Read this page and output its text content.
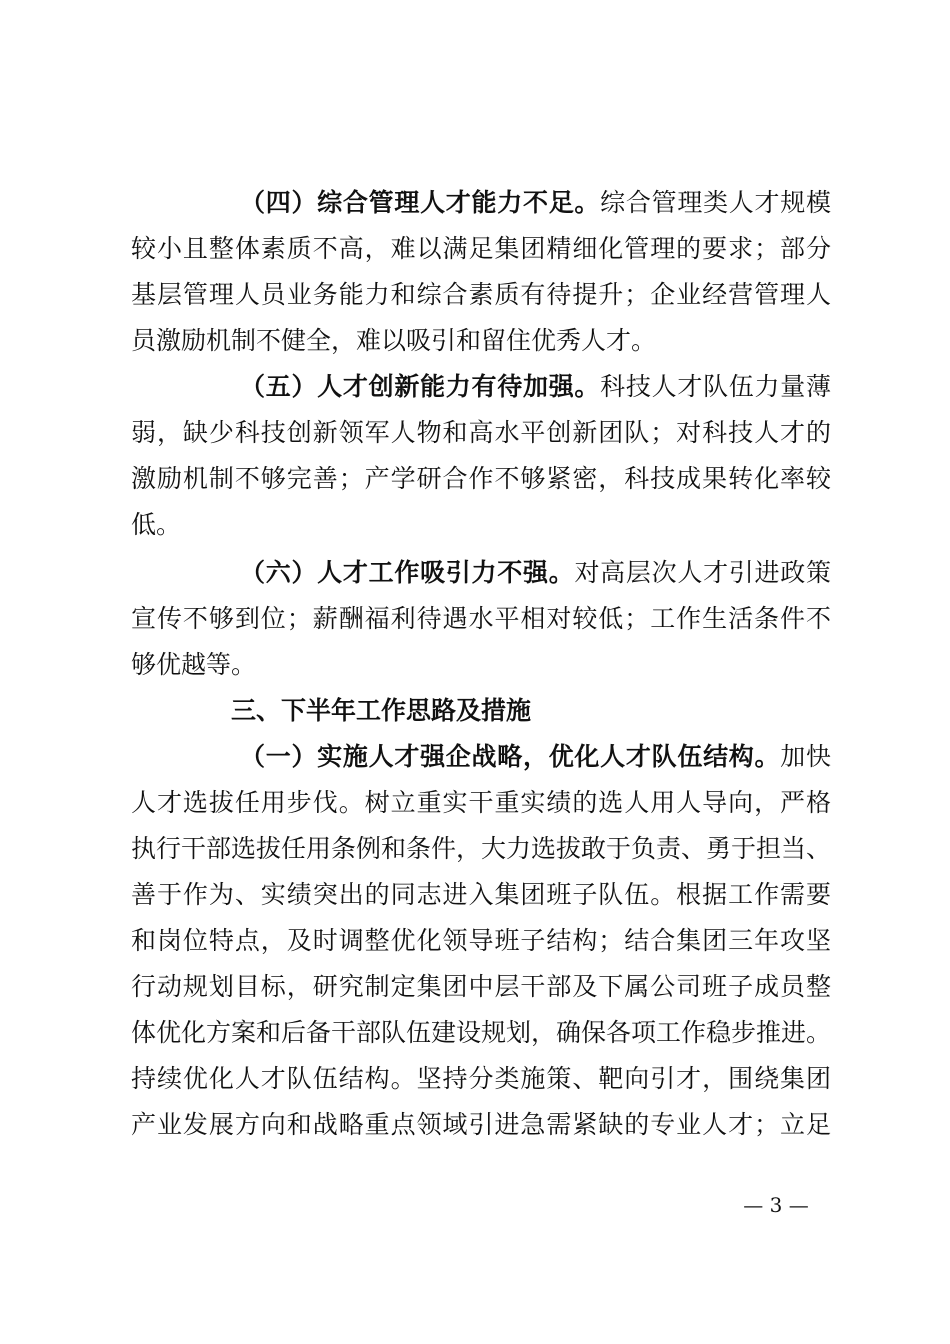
（四）综合管理人才能力不足。综合管理类人才规模
较小且整体素质不高，难以满足集团精细化管理的要求；部分
基层管理人员业务能力和综合素质有待提升；企业经营管理人
员激励机制不健全，难以吸引和留住优秀人才。
（五）人才创新能力有待加强。科技人才队伍力量薄
弱，缺少科技创新领军人物和高水平创新团队；对科技人才的
激励机制不够完善；产学研合作不够紧密，科技成果转化率较
低。
（六）人才工作吸引力不强。对高层次人才引进政策
宣传不够到位；薪酬福利待遇水平相对较低；工作生活条件不
够优越等。
三、下半年工作思路及措施
（一）实施人才强企战略，优化人才队伍结构。加快
人才选拔任用步伐。树立重实干重实绩的选人用人导向，严格
执行干部选拔任用条例和条件，大力选拔敢于负责、勇于担当、
善于作为、实绩突出的同志进入集团班子队伍。根据工作需要
和岗位特点，及时调整优化领导班子结构；结合集团三年攻坚
行动规划目标，研究制定集团中层干部及下属公司班子成员整
体优化方案和后备干部队伍建设规划，确保各项工作稳步推进。
持续优化人才队伍结构。坚持分类施策、靶向引才，围绕集团
产业发展方向和战略重点领域引进急需紧缺的专业人才；立足
— 3 —
